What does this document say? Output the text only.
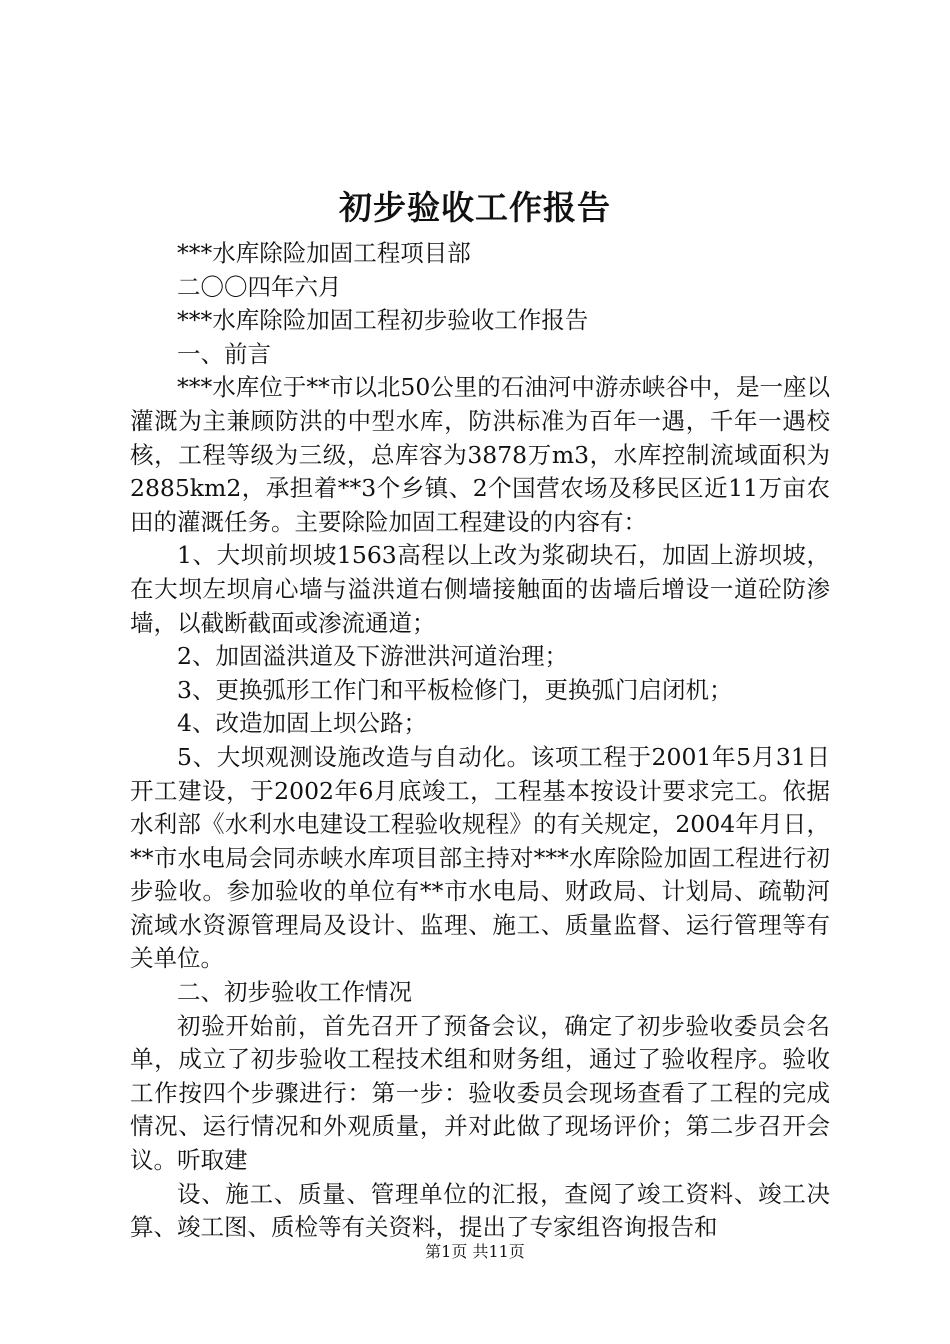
初步验收工作报告

***水库除险加固工程项目部

二〇〇四年六月

***水库除险加固工程初步验收工作报告

一、前言

***水库位于**市以北50公里的石油河中游赤峡谷中，是一座以灌溉为主兼顾防洪的中型水库，防洪标准为百年一遇，千年一遇校核，工程等级为三级，总库容为3878万m3，水库控制流域面积为2885km2，承担着**3个乡镇、2个国营农场及移民区近11万亩农田的灌溉任务。主要除险加固工程建设的内容有：

1、大坝前坝坡1563高程以上改为浆砌块石，加固上游坝坡，在大坝左坝肩心墙与溢洪道右侧墙接触面的齿墙后增设一道砼防渗墙，以截断截面或渗流通道；

2、加固溢洪道及下游泄洪河道治理；

3、更换弧形工作门和平板检修门，更换弧门启闭机；

4、改造加固上坝公路；

5、大坝观测设施改造与自动化。该项工程于2001年5月31日开工建设，于2002年6月底竣工，工程基本按设计要求完工。依据水利部《水利水电建设工程验收规程》的有关规定，2004年月日，**市水电局会同赤峡水库项目部主持对***水库除险加固工程进行初步验收。参加验收的单位有**市水电局、财政局、计划局、疏勒河流域水资源管理局及设计、监理、施工、质量监督、运行管理等有关单位。

二、初步验收工作情况

初验开始前，首先召开了预备会议，确定了初步验收委员会名单，成立了初步验收工程技术组和财务组，通过了验收程序。验收工作按四个步骤进行：第一步：验收委员会现场查看了工程的完成情况、运行情况和外观质量，并对此做了现场评价；第二步召开会议。听取建

设、施工、质量、管理单位的汇报，查阅了竣工资料、竣工决算、竣工图、质检等有关资料，提出了专家组咨询报告和

第1页 共11页
